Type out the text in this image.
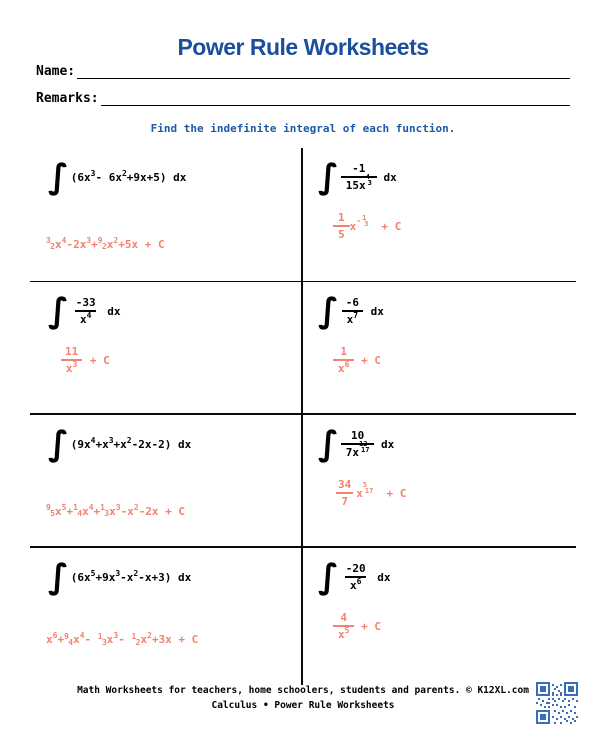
Power Rule Worksheets
Name:
Remarks:
Find the indefinite integral of each function.
∫ (6x 3 - 6x 2 +9x+5) dx
3
2 x 4 -2x 3 + 9
2 x 2 +5x + C
∫ -1
15x
4
3 dx
$\frac{1}{5}$ x - 1
3 + C
∫ $\frac{-33}{x 4}$ dx
$\frac{11}{x 3} + C$
∫ $\frac{-6}{x 7}$ dx
$\frac{1}{x 6} + C$
∫ (9x 4 +x 3 +x 2 -2x-2) dx
9
5 x 5 + 1
4 x 4 + 1
3 x 3 -x 2 -2x + C
∫ 10
7x
12
17 dx
$\frac{34}{7}$ x
5
17 + C
∫ (6x 5 +9x 3 -x 2 -x+3) dx
x 6 + 9
4 x 4 - 1
3 x 3 - 1
2 x 2 +3x + C
∫ $\frac{-20}{x 6}$ dx
$\frac{4}{x 5} + C$
Math Worksheets for teachers, home schoolers, students and parents. © K12XL.com
Calculus • Power Rule Worksheets
